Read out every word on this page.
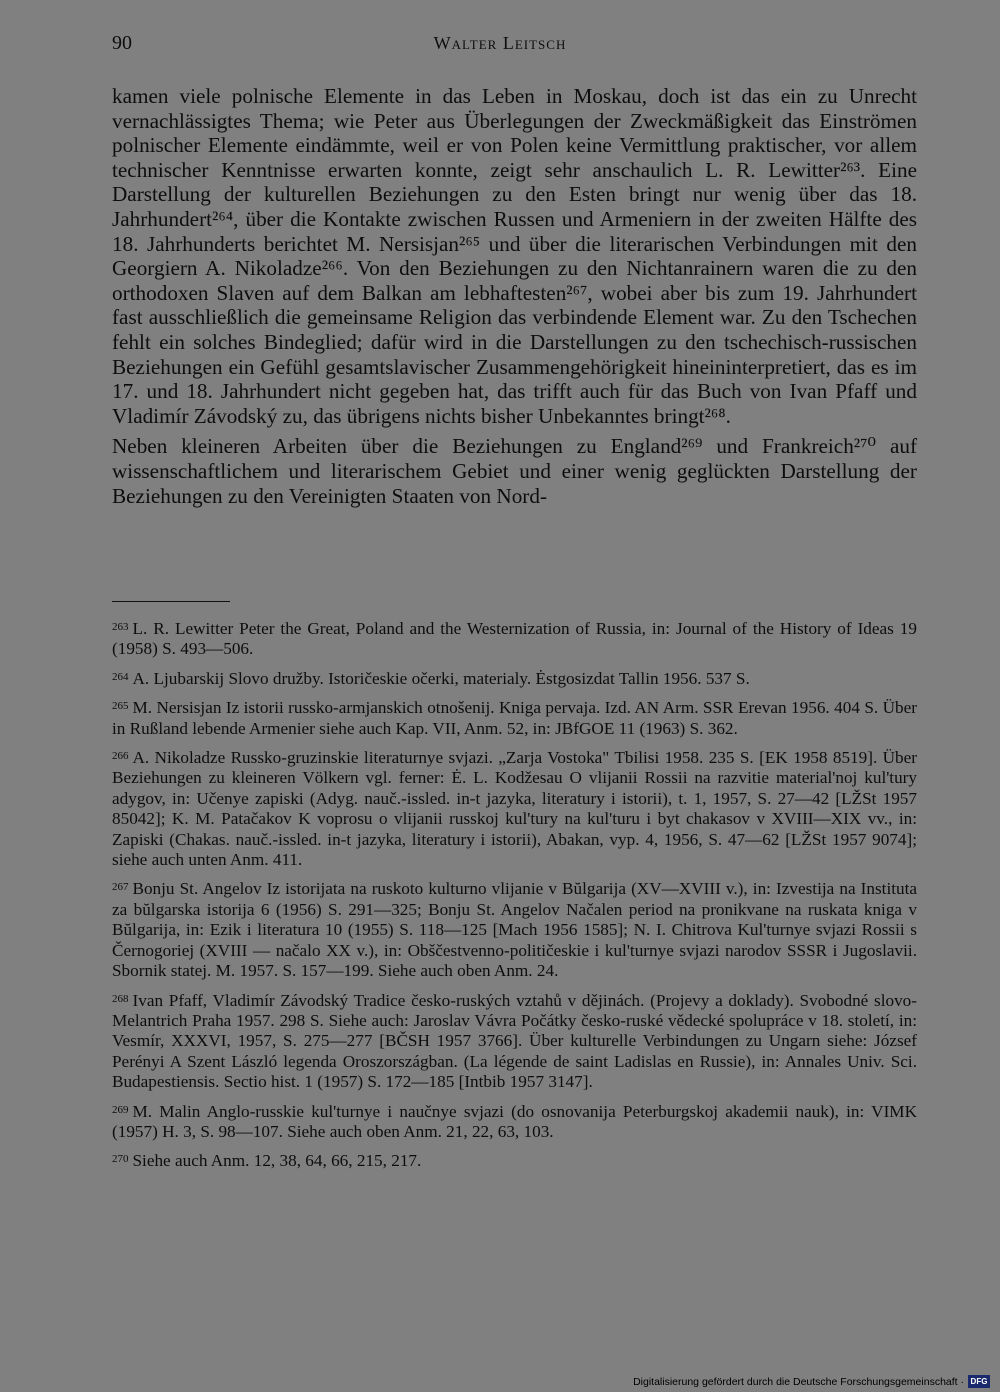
90	Walter Leitsch

kamen viele polnische Elemente in das Leben in Moskau, doch ist das ein zu Unrecht vernachlässigtes Thema; wie Peter aus Überlegungen der Zweckmäßigkeit das Einströmen polnischer Elemente eindämmte, weil er von Polen keine Vermittlung praktischer, vor allem technischer Kenntnisse erwarten konnte, zeigt sehr anschaulich L. R. Lewitter²⁶³. Eine Darstellung der kulturellen Beziehungen zu den Esten bringt nur wenig über das 18. Jahrhundert²⁶⁴, über die Kontakte zwischen Russen und Armeniern in der zweiten Hälfte des 18. Jahrhunderts berichtet M. Nersisjan²⁶⁵ und über die literarischen Verbindungen mit den Georgiern A. Nikoladze²⁶⁶. Von den Beziehungen zu den Nichtanrainern waren die zu den orthodoxen Slaven auf dem Balkan am lebhaftesten²⁶⁷, wobei aber bis zum 19. Jahrhundert fast ausschließlich die gemeinsame Religion das verbindende Element war. Zu den Tschechen fehlt ein solches Bindeglied; dafür wird in die Darstellungen zu den tschechisch-russischen Beziehungen ein Gefühl gesamtslavischer Zusammengehörigkeit hineininterpretiert, das es im 17. und 18. Jahrhundert nicht gegeben hat, das trifft auch für das Buch von Ivan Pfaff und Vladimír Závodský zu, das übrigens nichts bisher Unbekanntes bringt²⁶⁸.

Neben kleineren Arbeiten über die Beziehungen zu England²⁶⁹ und Frankreich²⁷⁰ auf wissenschaftlichem und literarischem Gebiet und einer wenig geglückten Darstellung der Beziehungen zu den Vereinigten Staaten von Nord-

$^{263}$ L. R. Lewitter Peter the Great, Poland and the Westernization of Russia, in: Journal of the History of Ideas 19 (1958) S. 493—506.

$^{264}$ A. Ljubarskij Slovo družby. Istoričeskie očerki, materialy. Ėstgosizdat Tallin 1956. 537 S.

$^{265}$ M. Nersisjan Iz istorii russko-armjanskich otnošenij. Kniga pervaja. Izd. AN Arm. SSR Erevan 1956. 404 S. Über in Rußland lebende Armenier siehe auch Kap. VII, Anm. 52, in: JBfGOE 11 (1963) S. 362.

$^{266}$ A. Nikoladze Russko-gruzinskie literaturnye svjazi. „Zarja Vostoka" Tbilisi 1958. 235 S. [EK 1958 8519]. Über Beziehungen zu kleineren Völkern vgl. ferner: Ė. L. Kodžesau O vlijanii Rossii na razvitie material'noj kul'tury adygov, in: Učenye zapiski (Adyg. nauč.-issled. in-t jazyka, literatury i istorii), t. 1, 1957, S. 27—42 [LŽSt 1957 85042]; K. M. Patačakov K voprosu o vlijanii russkoj kul'tury na kul'turu i byt chakasov v XVIII—XIX vv., in: Zapiski (Chakas. nauč.-issled. in-t jazyka, literatury i istorii), Abakan, vyp. 4, 1956, S. 47—62 [LŽSt 1957 9074]; siehe auch unten Anm. 411.

$^{267}$ Bonju St. Angelov Iz istorijata na ruskoto kulturno vlijanie v Bŭlgarija (XV—XVIII v.), in: Izvestija na Instituta za bŭlgarska istorija 6 (1956) S. 291—325; Bonju St. Angelov Načalen period na pronikvane na ruskata kniga v Bŭlgarija, in: Ezik i literatura 10 (1955) S. 118—125 [Mach 1956 1585]; N. I. Chitrova Kul'turnye svjazi Rossii s Černogoriej (XVIII — načalo XX v.), in: Obščestvenno-političeskie i kul'turnye svjazi narodov SSSR i Jugoslavii. Sbornik statej. M. 1957. S. 157—199. Siehe auch oben Anm. 24.

$^{268}$ Ivan Pfaff, Vladimír Závodský Tradice česko-ruských vztahů v dějinách. (Projevy a doklady). Svobodné slovo-Melantrich Praha 1957. 298 S. Siehe auch: Jaroslav Vávra Počátky česko-ruské vědecké spolupráce v 18. století, in: Vesmír, XXXVI, 1957, S. 275—277 [BČSH 1957 3766]. Über kulturelle Verbindungen zu Ungarn siehe: József Perényi A Szent László legenda Oroszországban. (La légende de saint Ladislas en Russie), in: Annales Univ. Sci. Budapestiensis. Sectio hist. 1 (1957) S. 172—185 [Intbib 1957 3147].

$^{269}$ M. Malin Anglo-russkie kul'turnye i naučnye svjazi (do osnovanija Peterburgskoj akademii nauk), in: VIMK (1957) H. 3, S. 98—107. Siehe auch oben Anm. 21, 22, 63, 103.

$^{270}$ Siehe auch Anm. 12, 38, 64, 66, 215, 217.

Digitalisierung gefördert durch die Deutsche Forschungsgemeinschaft · DFG
